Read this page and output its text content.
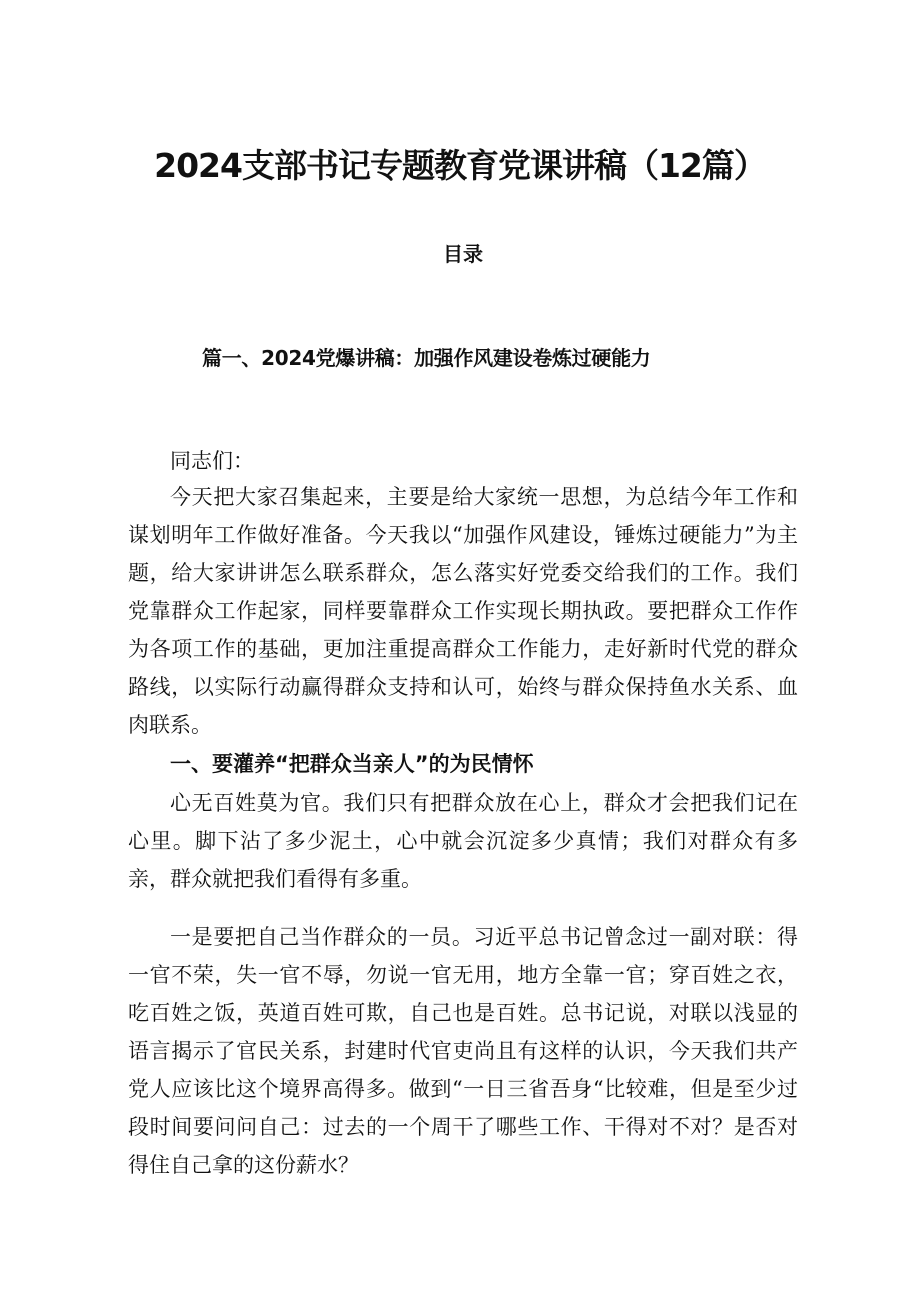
2024支部书记专题教育党课讲稿（12篇）
目录
篇一、2024党爆讲稿：加强作风建设卷炼过硬能力

同志们：

今天把大家召集起来，主要是给大家统一思想，为总结今年工作和谋划明年工作做好准备。今天我以“加强作风建设，锤炼过硬能力”为主题，给大家讲讲怎么联系群众，怎么落实好党委交给我们的工作。我们党靠群众工作起家，同样要靠群众工作实现长期执政。要把群众工作作为各项工作的基础，更加注重提高群众工作能力，走好新时代党的群众路线，以实际行动赢得群众支持和认可，始终与群众保持鱼水关系、血肉联系。

一、要灌养“把群众当亲人”的为民情怀

心无百姓莫为官。我们只有把群众放在心上，群众才会把我们记在心里。脚下沾了多少泥土，心中就会沉淀多少真情；我们对群众有多亲，群众就把我们看得有多重。

一是要把自己当作群众的一员。习近平总书记曾念过一副对联：得一官不荣，失一官不辱，勿说一官无用，地方全靠一官；穿百姓之衣，吃百姓之饭，英道百姓可欺，自己也是百姓。总书记说，对联以浅显的语言揭示了官民关系，封建时代官吏尚且有这样的认识，今天我们共产党人应该比这个境界高得多。做到“一日三省吾身“比较难，但是至少过段时间要问问自己：过去的一个周干了哪些工作、干得对不对？是否对得住自己拿的这份薪水？
